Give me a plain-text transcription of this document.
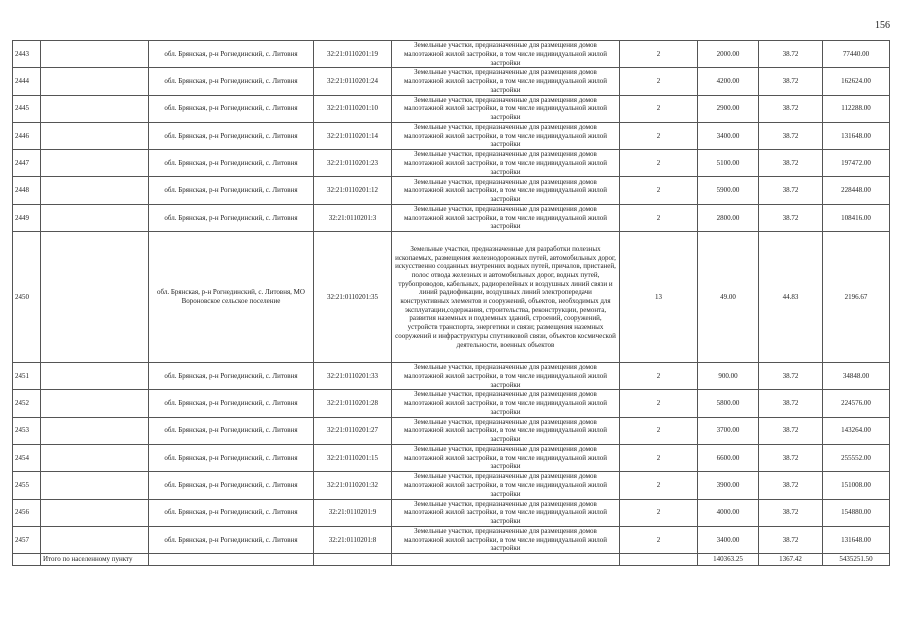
156
2443		обл. Брянская, р-н Рогнединский, с. Литовня	32:21:0110201:19	Земельные участки, предназначенные для размещения домов малоэтажной жилой застройки, в том числе индивидуальной жилой застройки	2	2000.00	38.72	77440.00
2444		обл. Брянская, р-н Рогнединский, с. Литовня	32:21:0110201:24	Земельные участки, предназначенные для размещения домов малоэтажной жилой застройки, в том числе индивидуальной жилой застройки	2	4200.00	38.72	162624.00
2445		обл. Брянская, р-н Рогнединский, с. Литовня	32:21:0110201:10	Земельные участки, предназначенные для размещения домов малоэтажной жилой застройки, в том числе индивидуальной жилой застройки	2	2900.00	38.72	112288.00
2446		обл. Брянская, р-н Рогнединский, с. Литовня	32:21:0110201:14	Земельные участки, предназначенные для размещения домов малоэтажной жилой застройки, в том числе индивидуальной жилой застройки	2	3400.00	38.72	131648.00
2447		обл. Брянская, р-н Рогнединский, с. Литовня	32:21:0110201:23	Земельные участки, предназначенные для размещения домов малоэтажной жилой застройки, в том числе индивидуальной жилой застройки	2	5100.00	38.72	197472.00
2448		обл. Брянская, р-н Рогнединский, с. Литовня	32:21:0110201:12	Земельные участки, предназначенные для размещения домов малоэтажной жилой застройки, в том числе индивидуальной жилой застройки	2	5900.00	38.72	228448.00
2449		обл. Брянская, р-н Рогнединский, с. Литовня	32:21:0110201:3	Земельные участки, предназначенные для размещения домов малоэтажной жилой застройки, в том числе индивидуальной жилой застройки	2	2800.00	38.72	108416.00
2450		обл. Брянская, р-н Рогнединский, с. Литовня, МО Вороновское сельское поселение	32:21:0110201:35	Земельные участки, предназначенные для разработки полезных ископаемых, размещения железнодорожных путей, автомобильных дорог, искусственно созданных внутренних водных путей, причалов, пристаней, полос отвода железных и автомобильных дорог, водных путей, трубопроводов, кабельных, радиорелейных и воздушных линий связи и линий радиофикации, воздушных линий электропередачи конструктивных элементов и сооружений, объектов, необходимых для эксплуатации,содержания, строительства, реконструкции, ремонта, развития наземных и подземных зданий, строений, сооружений, устройств транспорта, энергетики и связи; размещения наземных сооружений и инфраструктуры спутниковой связи, объектов космической деятельности, военных объектов	13	49.00	44.83	2196.67
2451		обл. Брянская, р-н Рогнединский, с. Литовня	32:21:0110201:33	Земельные участки, предназначенные для размещения домов малоэтажной жилой застройки, в том числе индивидуальной жилой застройки	2	900.00	38.72	34848.00
2452		обл. Брянская, р-н Рогнединский, с. Литовня	32:21:0110201:28	Земельные участки, предназначенные для размещения домов малоэтажной жилой застройки, в том числе индивидуальной жилой застройки	2	5800.00	38.72	224576.00
2453		обл. Брянская, р-н Рогнединский, с. Литовня	32:21:0110201:27	Земельные участки, предназначенные для размещения домов малоэтажной жилой застройки, в том числе индивидуальной жилой застройки	2	3700.00	38.72	143264.00
2454		обл. Брянская, р-н Рогнединский, с. Литовня	32:21:0110201:15	Земельные участки, предназначенные для размещения домов малоэтажной жилой застройки, в том числе индивидуальной жилой застройки	2	6600.00	38.72	255552.00
2455		обл. Брянская, р-н Рогнединский, с. Литовня	32:21:0110201:32	Земельные участки, предназначенные для размещения домов малоэтажной жилой застройки, в том числе индивидуальной жилой застройки	2	3900.00	38.72	151008.00
2456		обл. Брянская, р-н Рогнединский, с. Литовня	32:21:0110201:9	Земельные участки, предназначенные для размещения домов малоэтажной жилой застройки, в том числе индивидуальной жилой застройки	2	4000.00	38.72	154880.00
2457		обл. Брянская, р-н Рогнединский, с. Литовня	32:21:0110201:8	Земельные участки, предназначенные для размещения домов малоэтажной жилой застройки, в том числе индивидуальной жилой застройки	2	3400.00	38.72	131648.00
	Итого по населенному пункту					140363.25	1367.42	5435251.50
